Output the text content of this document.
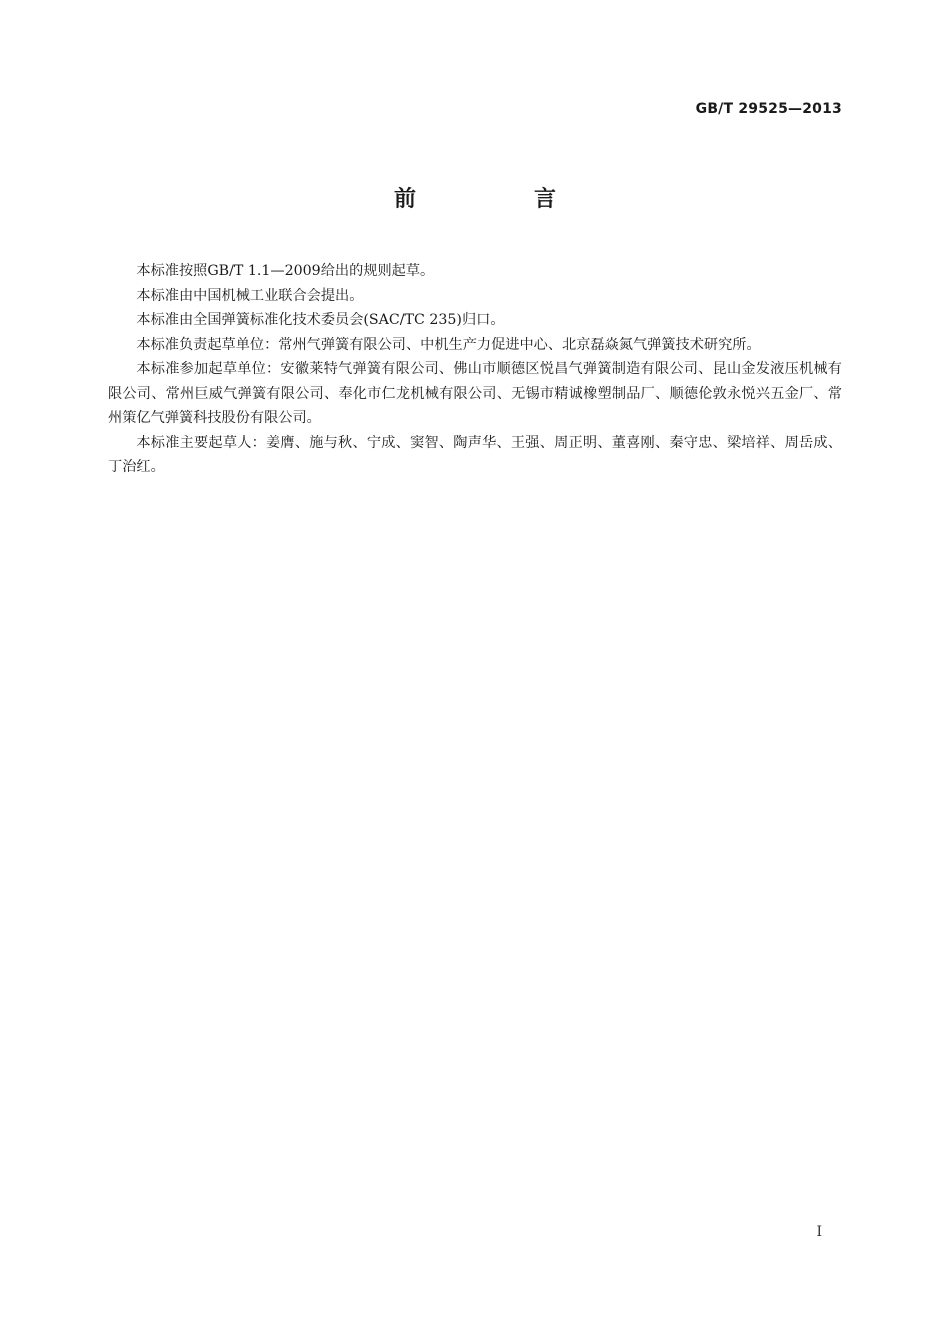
GB/T 29525—2013
前　言

本标准按照GB/T 1.1—2009给出的规则起草。

本标准由中国机械工业联合会提出。

本标准由全国弹簧标准化技术委员会(SAC/TC 235)归口。

本标准负责起草单位：常州气弹簧有限公司、中机生产力促进中心、北京磊焱氮气弹簧技术研究所。

本标准参加起草单位：安徽莱特气弹簧有限公司、佛山市顺德区悦昌气弹簧制造有限公司、昆山金发液压机械有限公司、常州巨威气弹簧有限公司、奉化市仁龙机械有限公司、无锡市精诚橡塑制品厂、顺德伦敦永悦兴五金厂、常州策亿气弹簧科技股份有限公司。

本标准主要起草人：姜膺、施与秋、宁成、窦智、陶声华、王强、周正明、董喜刚、秦守忠、梁培祥、周岳成、丁治红。

I
